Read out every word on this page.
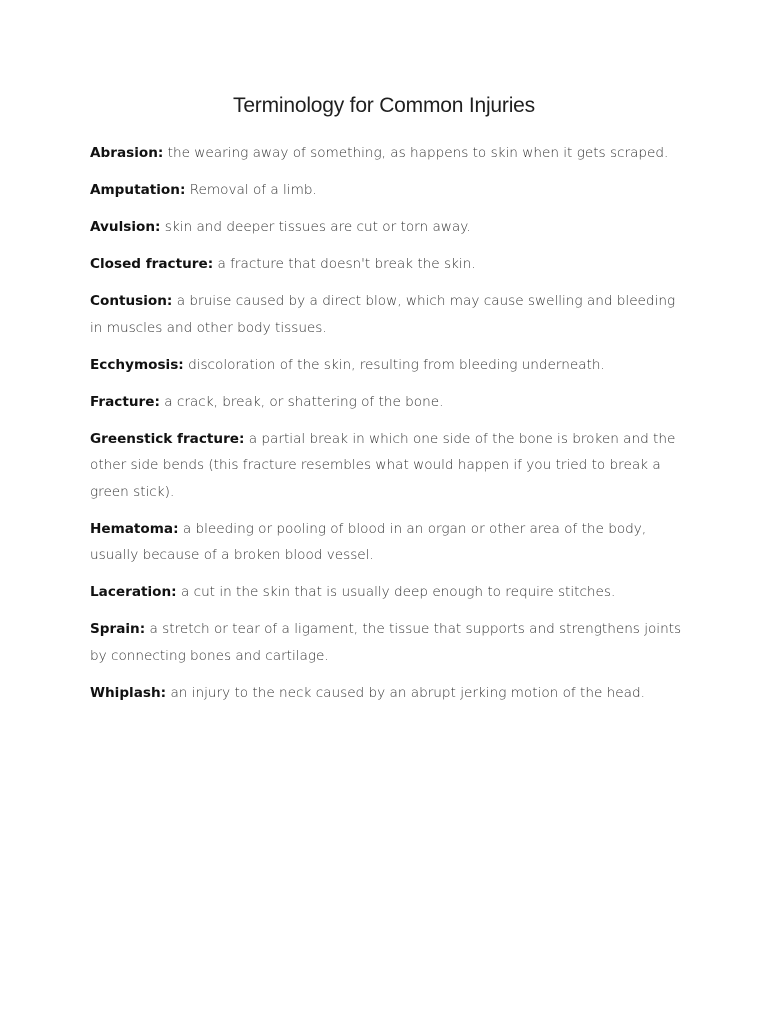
Terminology for Common Injuries
Abrasion: the wearing away of something, as happens to skin when it gets scraped.
Amputation: Removal of a limb.
Avulsion: skin and deeper tissues are cut or torn away.
Closed fracture: a fracture that doesn't break the skin.
Contusion: a bruise caused by a direct blow, which may cause swelling and bleeding in muscles and other body tissues.
Ecchymosis: discoloration of the skin, resulting from bleeding underneath.
Fracture: a crack, break, or shattering of the bone.
Greenstick fracture: a partial break in which one side of the bone is broken and the other side bends (this fracture resembles what would happen if you tried to break a green stick).
Hematoma: a bleeding or pooling of blood in an organ or other area of the body, usually because of a broken blood vessel.
Laceration: a cut in the skin that is usually deep enough to require stitches.
Sprain: a stretch or tear of a ligament, the tissue that supports and strengthens joints by connecting bones and cartilage.
Whiplash: an injury to the neck caused by an abrupt jerking motion of the head.
